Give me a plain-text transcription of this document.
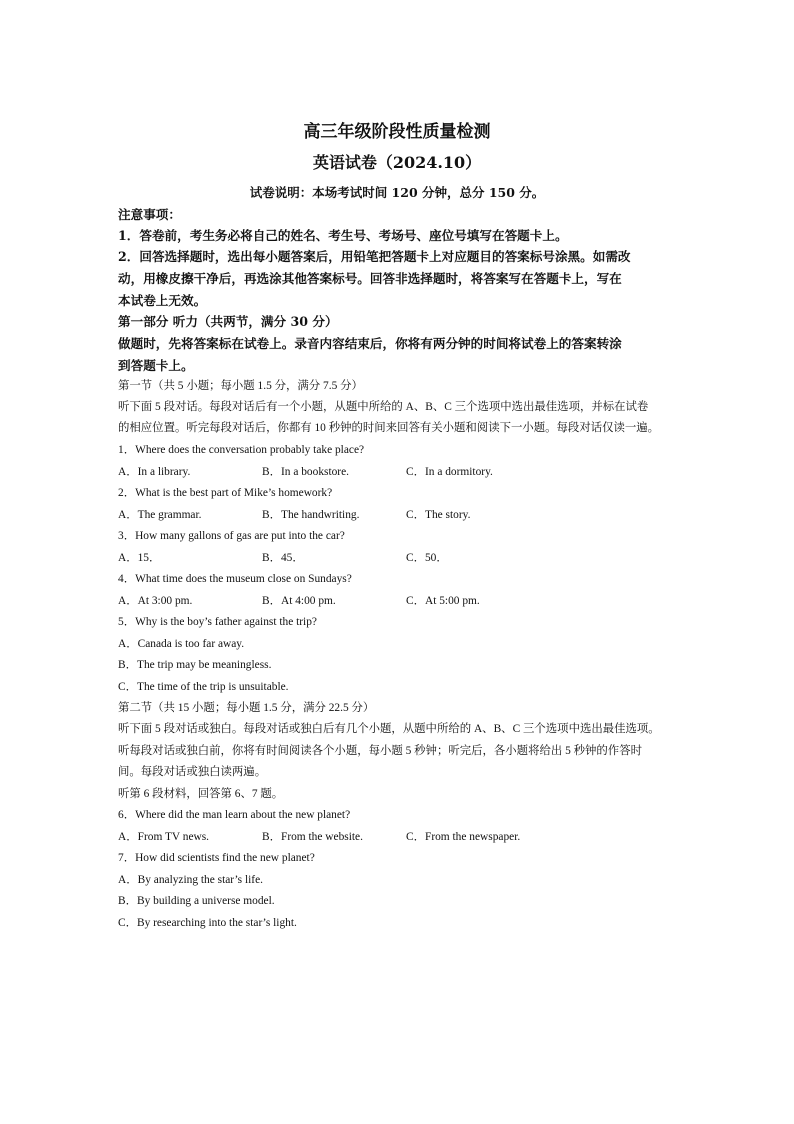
高三年级阶段性质量检测
英语试卷（2024.10）
试卷说明：本场考试时间 120 分钟，总分 150 分。
注意事项：
1．答卷前，考生务必将自己的姓名、考生号、考场号、座位号填写在答题卡上。
2．回答选择题时，选出每小题答案后，用铅笔把答题卡上对应题目的答案标号涂黑。如需改
动，用橡皮擦干净后，再选涂其他答案标号。回答非选择题时，将答案写在答题卡上，写在
本试卷上无效。
第一部分 听力（共两节，满分 30 分）
做题时，先将答案标在试卷上。录音内容结束后，你将有两分钟的时间将试卷上的答案转涂
到答题卡上。
第一节（共 5 小题；每小题 1.5 分，满分 7.5 分）
听下面 5 段对话。每段对话后有一个小题，从题中所给的 A、B、C 三个选项中选出最佳选项，并标在试卷
的相应位置。听完每段对话后，你都有 10 秒钟的时间来回答有关小题和阅读下一小题。每段对话仅读一遍。
1．Where does the conversation probably take place?
A．In a library.	B．In a bookstore.	C．In a dormitory.
2．What is the best part of Mike’s homework?
A．The grammar.	B．The handwriting.	C．The story.
3．How many gallons of gas are put into the car?
A．15．	B．45．	C．50．
4．What time does the museum close on Sundays?
A．At 3:00 pm.	B．At 4:00 pm.	C．At 5:00 pm.
5．Why is the boy’s father against the trip?
A．Canada is too far away.
B．The trip may be meaningless.
C．The time of the trip is unsuitable.
第二节（共 15 小题；每小题 1.5 分，满分 22.5 分）
听下面 5 段对话或独白。每段对话或独白后有几个小题，从题中所给的 A、B、C 三个选项中选出最佳选项。
听每段对话或独白前，你将有时间阅读各个小题，每小题 5 秒钟；听完后，各小题将给出 5 秒钟的作答时
间。每段对话或独白读两遍。
听第 6 段材料，回答第 6、7 题。
6．Where did the man learn about the new planet?
A．From TV news.	B．From the website.	C．From the newspaper.
7．How did scientists find the new planet?
A．By analyzing the star’s life.
B．By building a universe model.
C．By researching into the star’s light.
